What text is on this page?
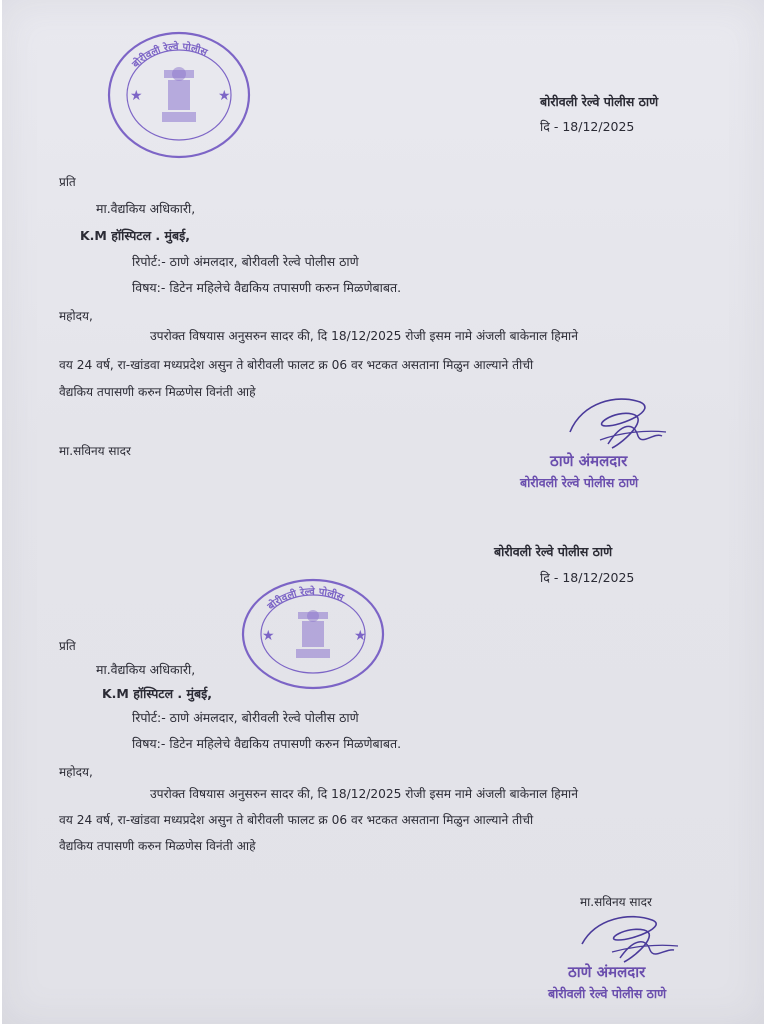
★	★
बोरीवली रेल्वे पोलीस
बोरीवली रेल्वे पोलीस ठाणे
दि - 18/12/2025
प्रति
मा.वैद्यकिय अधिकारी,
K.M हॉस्पिटल . मुंबई,
रिपोर्ट:- ठाणे अंमलदार, बोरीवली रेल्वे पोलीस ठाणे
विषय:- डिटेन महिलेचे वैद्यकिय तपासणी करुन मिळणेबाबत.
महोदय,
उपरोक्त विषयास अनुसरुन सादर की, दि 18/12/2025 रोजी इसम नामे अंजली बाकेनाल हिमाने
वय 24 वर्ष, रा-खांडवा मध्यप्रदेश असुन ते बोरीवली फालट क्र 06 वर भटकत असताना मिळुन आल्याने तीची
वैद्यकिय तपासणी करुन मिळणेस विनंती आहे
मा.सविनय सादर
ठाणे अंमलदार
बोरीवली रेल्वे पोलीस ठाणे
बोरीवली रेल्वे पोलीस ठाणे
दि - 18/12/2025
★	★
बोरीवली रेल्वे पोलीस
प्रति
मा.वैद्यकिय अधिकारी,
K.M हॉस्पिटल . मुंबई,
रिपोर्ट:- ठाणे अंमलदार, बोरीवली रेल्वे पोलीस ठाणे
विषय:- डिटेन महिलेचे वैद्यकिय तपासणी करुन मिळणेबाबत.
महोदय,
उपरोक्त विषयास अनुसरुन सादर की, दि 18/12/2025 रोजी इसम नामे अंजली बाकेनाल हिमाने
वय 24 वर्ष, रा-खांडवा मध्यप्रदेश असुन ते बोरीवली फालट क्र 06 वर भटकत असताना मिळुन आल्याने तीची
वैद्यकिय तपासणी करुन मिळणेस विनंती आहे
मा.सविनय सादर
ठाणे अंमलदार
बोरीवली रेल्वे पोलीस ठाणे
